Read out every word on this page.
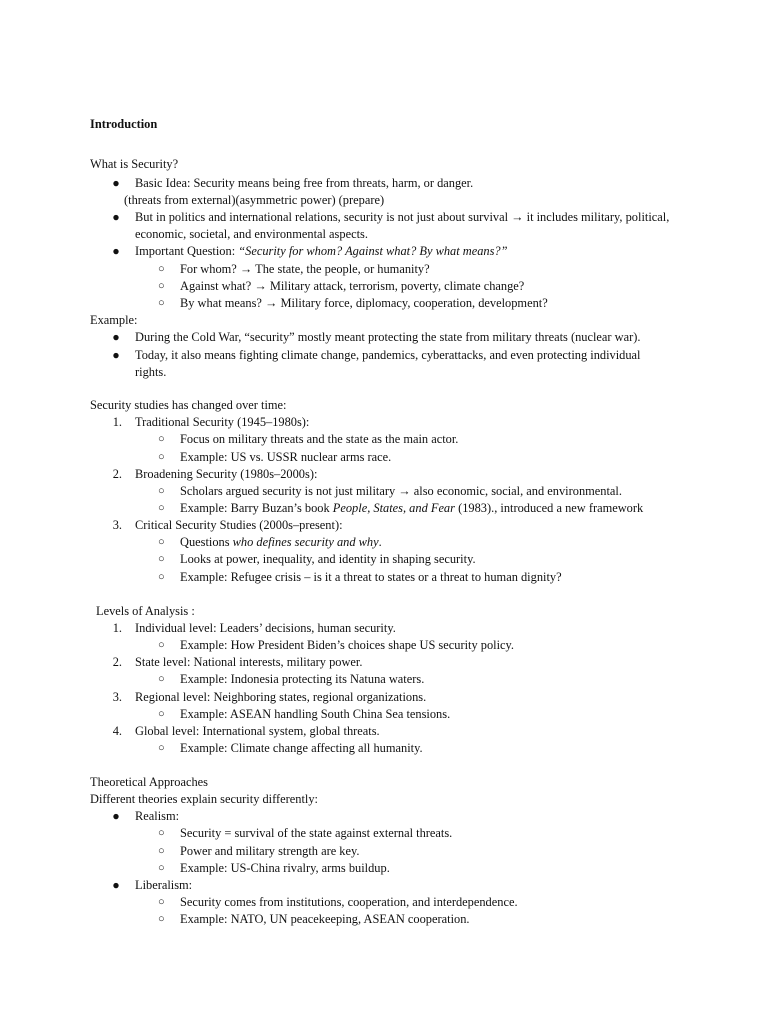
Introduction
What is Security?
● Basic Idea: Security means being free from threats, harm, or danger.
(threats from external)(asymmetric power) (prepare)
● But in politics and international relations, security is not just about survival → it includes military, political,
economic, societal, and environmental aspects.
● Important Question: “Security for whom? Against what? By what means?”
○ For whom? → The state, the people, or humanity?
○ Against what? → Military attack, terrorism, poverty, climate change?
○ By what means? → Military force, diplomacy, cooperation, development?
Example:
● During the Cold War, “security” mostly meant protecting the state from military threats (nuclear war).
● Today, it also means fighting climate change, pandemics, cyberattacks, and even protecting individual
rights.
Security studies has changed over time:
1. Traditional Security (1945–1980s):
○ Focus on military threats and the state as the main actor.
○ Example: US vs. USSR nuclear arms race.
2. Broadening Security (1980s–2000s):
○ Scholars argued security is not just military → also economic, social, and environmental.
○ Example: Barry Buzan’s book People, States, and Fear (1983)., introduced a new framework
3. Critical Security Studies (2000s–present):
○ Questions who defines security and why.
○ Looks at power, inequality, and identity in shaping security.
○ Example: Refugee crisis – is it a threat to states or a threat to human dignity?
Levels of Analysis :
1. Individual level: Leaders’ decisions, human security.
○ Example: How President Biden’s choices shape US security policy.
2. State level: National interests, military power.
○ Example: Indonesia protecting its Natuna waters.
3. Regional level: Neighboring states, regional organizations.
○ Example: ASEAN handling South China Sea tensions.
4. Global level: International system, global threats.
○ Example: Climate change affecting all humanity.
Theoretical Approaches
Different theories explain security differently:
● Realism:
○ Security = survival of the state against external threats.
○ Power and military strength are key.
○ Example: US-China rivalry, arms buildup.
● Liberalism:
○ Security comes from institutions, cooperation, and interdependence.
○ Example: NATO, UN peacekeeping, ASEAN cooperation.
